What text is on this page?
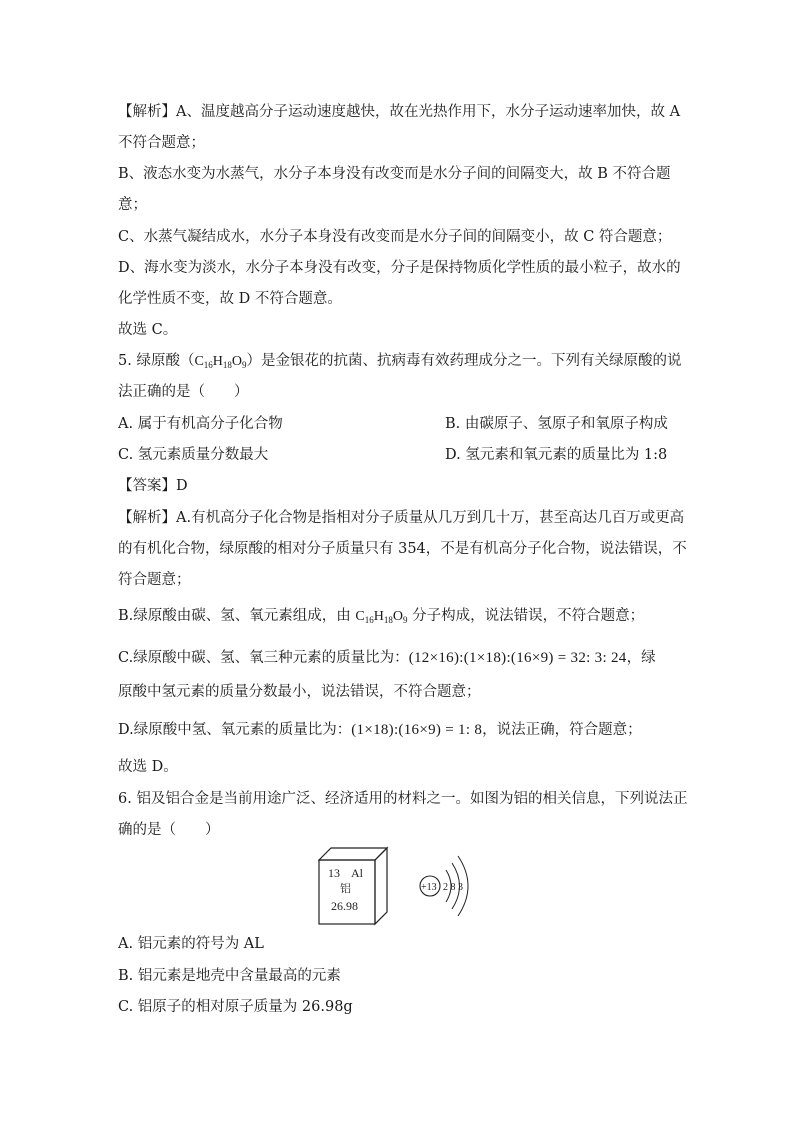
【解析】A、温度越高分子运动速度越快，故在光热作用下，水分子运动速率加快，故 A
不符合题意；
B、液态水变为水蒸气，水分子本身没有改变而是水分子间的间隔变大，故 B 不符合题
意；
C、水蒸气凝结成水，水分子本身没有改变而是水分子间的间隔变小，故 C 符合题意；
D、海水变为淡水，水分子本身没有改变，分子是保持物质化学性质的最小粒子，故水的
化学性质不变，故 D 不符合题意。
故选 C。
5. 绿原酸$(C_{16}H_{18}O_9)$是金银花的抗菌、抗病毒有效药理成分之一。下列有关绿原酸的说
法正确的是（　　）
A. 属于有机高分子化合物	B. 由碳原子、氢原子和氧原子构成
C. 氢元素质量分数最大	D. 氢元素和氧元素的质量比为 1:8
【答案】D
【解析】A.有机高分子化合物是指相对分子质量从几万到几十万，甚至高达几百万或更高
的有机化合物，绿原酸的相对分子质量只有 354，不是有机高分子化合物，说法错误，不
符合题意；
B.绿原酸由碳、氢、氧元素组成，由 $C_{16}H_{18}O_9$ 分子构成，说法错误，不符合题意；
C.绿原酸中碳、氢、氧三种元素的质量比为：(12×16):(1×18):(16×9) = 32: 3: 24，绿
原酸中氢元素的质量分数最小，说法错误，不符合题意；
D.绿原酸中氢、氧元素的质量比为：(1×18):(16×9) = 1: 8，说法正确，符合题意；
故选 D。
6. 铝及铝合金是当前用途广泛、经济适用的材料之一。如图为铝的相关信息，下列说法正
确的是（　　）
13 Al
铝
26.98
+13 2 8 3
A. 铝元素的符号为 AL
B. 铝元素是地壳中含量最高的元素
C. 铝原子的相对原子质量为 26.98g
